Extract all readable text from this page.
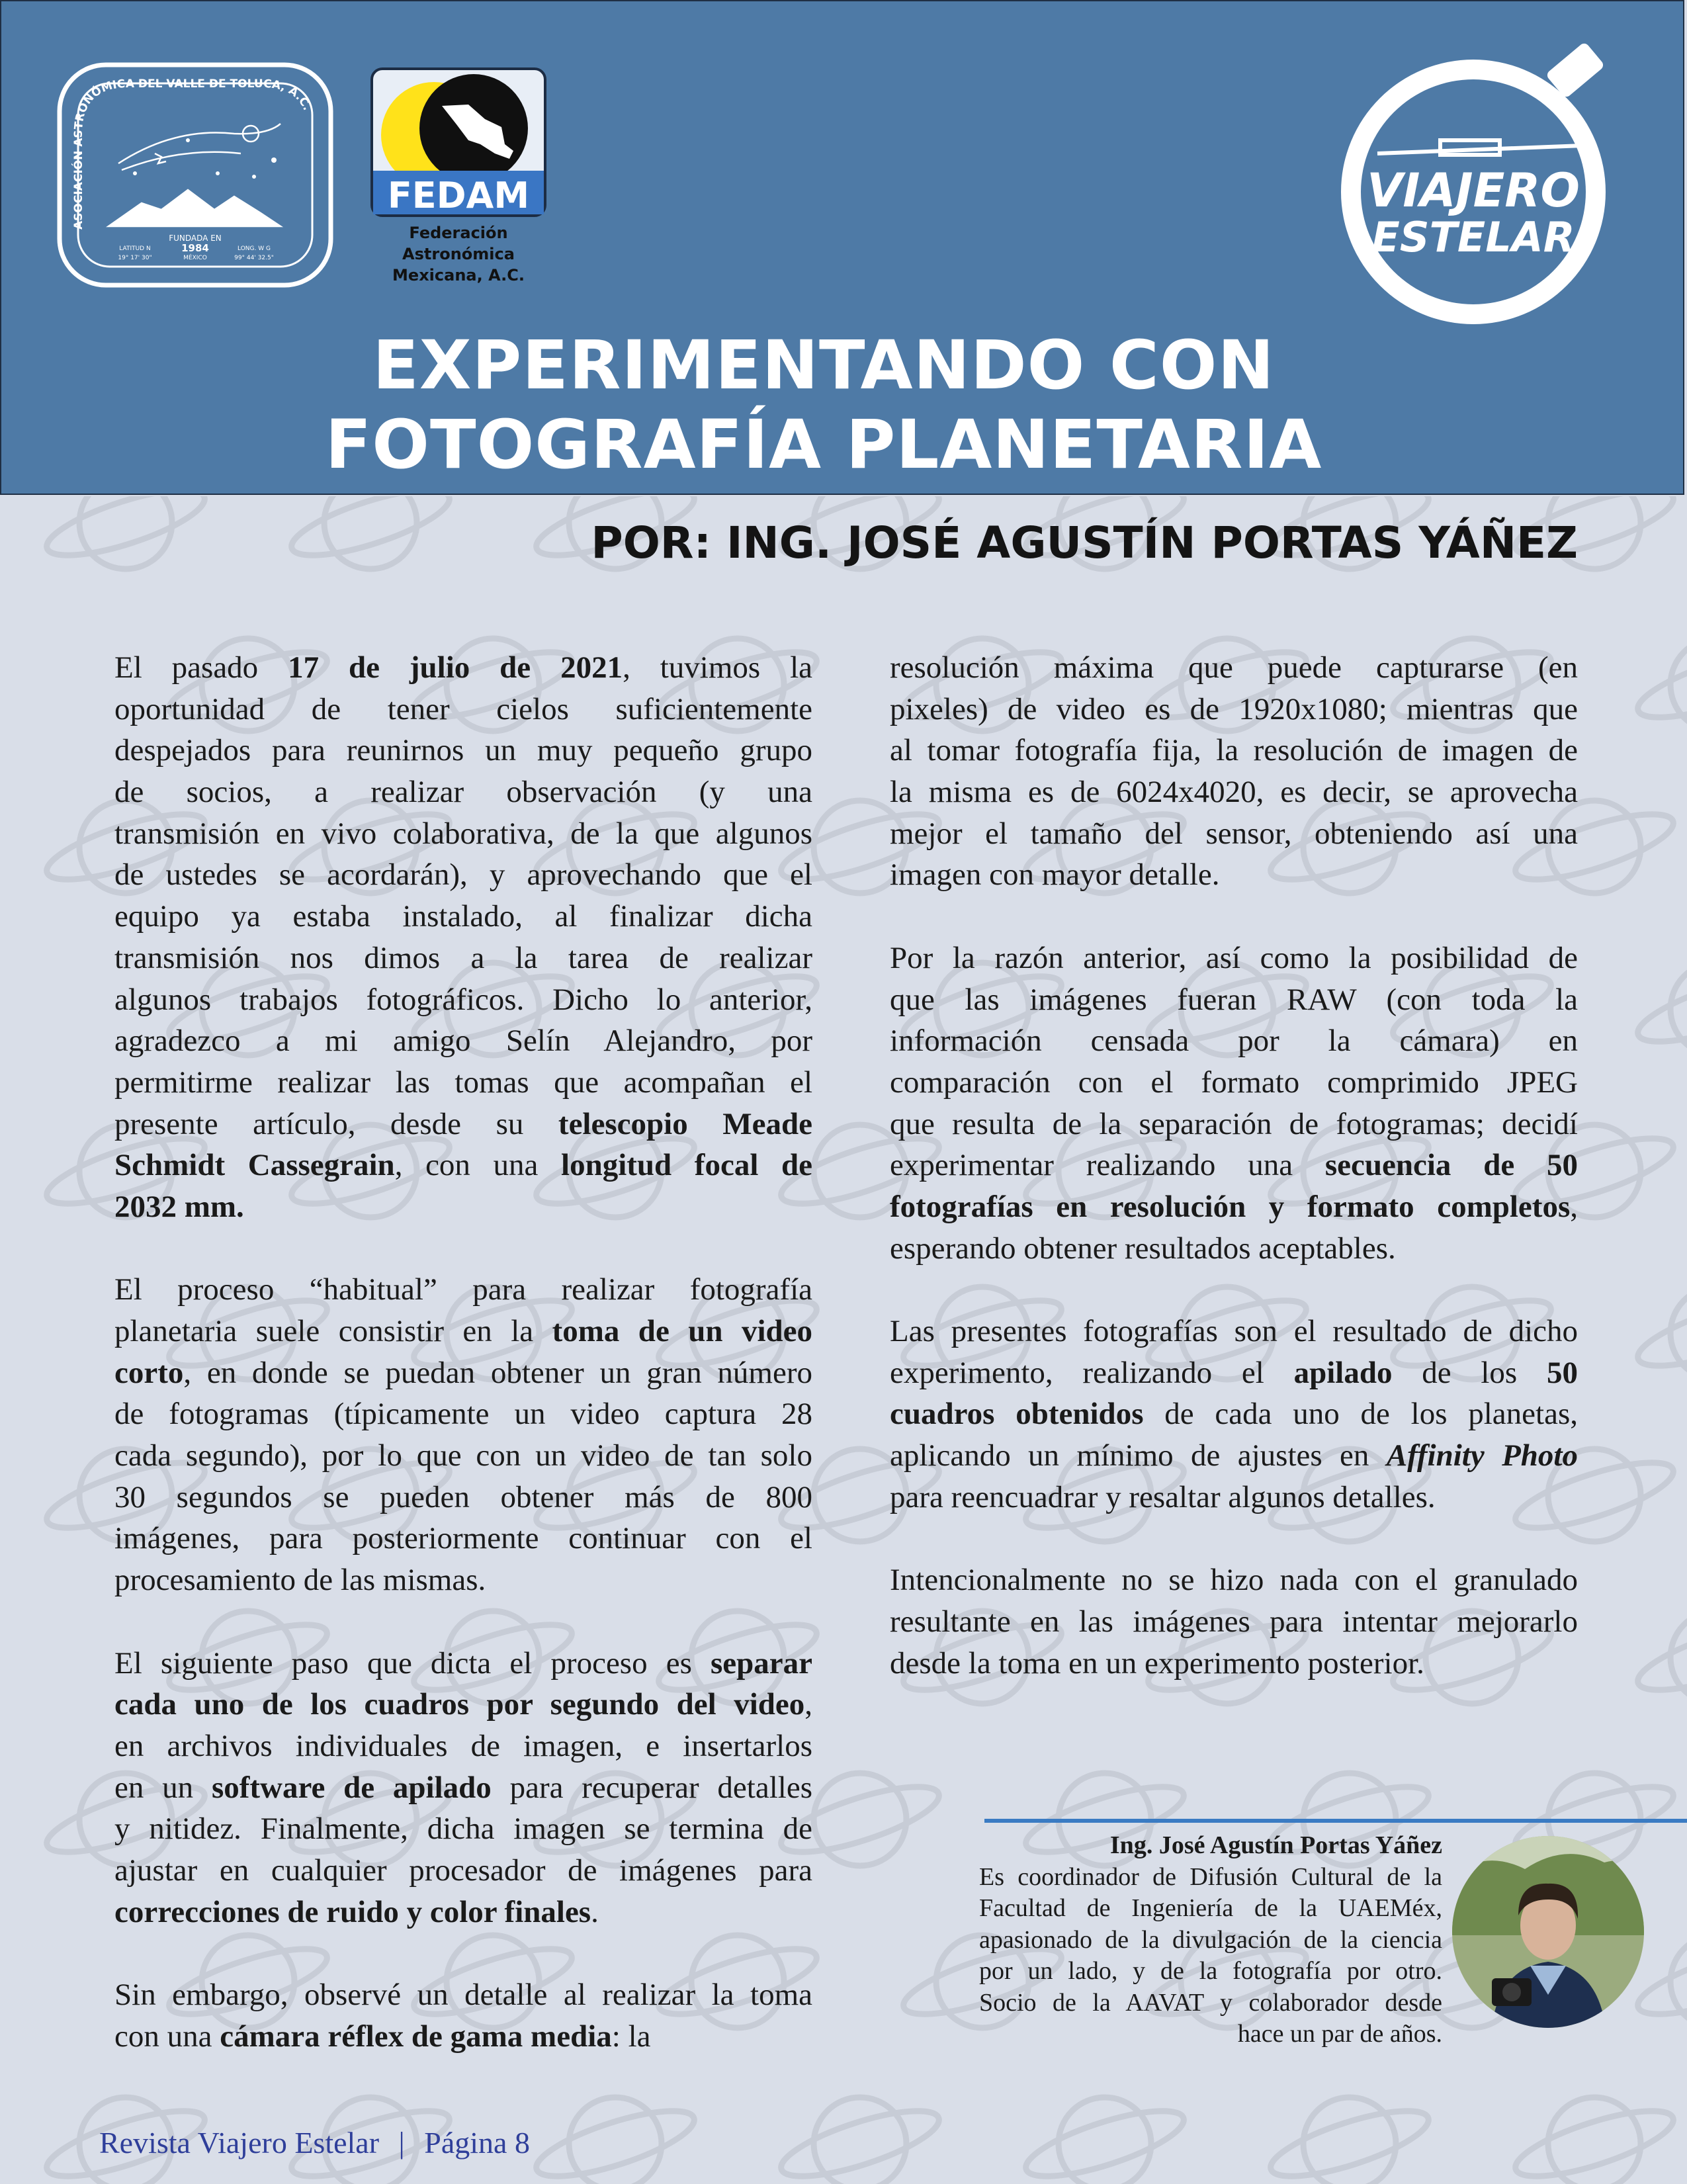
ASOCIACIÓN ASTRONÓMICA DEL VALLE DE TOLUCA, A.C.
FUNDADA EN
1984
MÉXICO
LATITUD N
19° 17' 30"
LONG. W G
99° 44' 32.5"
FEDAM
Federación
Astronómica
Mexicana, A.C.
VIAJERO
ESTELAR
EXPERIMENTANDO CON
FOTOGRAFÍA PLANETARIA
POR: ING. JOSÉ AGUSTÍN PORTAS YÁÑEZ

El pasado 17 de julio de 2021, tuvimos la
oportunidad de tener cielos suficientemente
despejados para reunirnos un muy pequeño grupo
de socios, a realizar observación (y una
transmisión en vivo colaborativa, de la que algunos
de ustedes se acordarán), y aprovechando que el
equipo ya estaba instalado, al finalizar dicha
transmisión nos dimos a la tarea de realizar
algunos trabajos fotográficos. Dicho lo anterior,
agradezco a mi amigo Selín Alejandro, por
permitirme realizar las tomas que acompañan el
presente artículo, desde su telescopio Meade
Schmidt Cassegrain, con una longitud focal de
2032 mm.

El proceso “habitual” para realizar fotografía
planetaria suele consistir en la toma de un video
corto, en donde se puedan obtener un gran número
de fotogramas (típicamente un video captura 28
cada segundo), por lo que con un video de tan solo
30 segundos se pueden obtener más de 800
imágenes, para posteriormente continuar con el
procesamiento de las mismas.

El siguiente paso que dicta el proceso es separar
cada uno de los cuadros por segundo del video,
en archivos individuales de imagen, e insertarlos
en un software de apilado para recuperar detalles
y nitidez. Finalmente, dicha imagen se termina de
ajustar en cualquier procesador de imágenes para
correcciones de ruido y color finales.

Sin embargo, observé un detalle al realizar la toma
con una cámara réflex de gama media: la

resolución máxima que puede capturarse (en
pixeles) de video es de 1920x1080; mientras que
al tomar fotografía fija, la resolución de imagen de
la misma es de 6024x4020, es decir, se aprovecha
mejor el tamaño del sensor, obteniendo así una
imagen con mayor detalle.

Por la razón anterior, así como la posibilidad de
que las imágenes fueran RAW (con toda la
información censada por la cámara) en
comparación con el formato comprimido JPEG
que resulta de la separación de fotogramas; decidí
experimentar realizando una secuencia de 50
fotografías en resolución y formato completos,
esperando obtener resultados aceptables.

Las presentes fotografías son el resultado de dicho
experimento, realizando el apilado de los 50
cuadros obtenidos de cada uno de los planetas,
aplicando un mínimo de ajustes en Affinity Photo
para reencuadrar y resaltar algunos detalles.

Intencionalmente no se hizo nada con el granulado
resultante en las imágenes para intentar mejorarlo
desde la toma en un experimento posterior.

Ing. José Agustín Portas Yáñez
Es coordinador de Difusión Cultural de la
Facultad de Ingeniería de la UAEMéx,
apasionado de la divulgación de la ciencia
por un lado, y de la fotografía por otro.
Socio de la AAVAT y colaborador desde
hace un par de años.
Revista Viajero Estelar | Página 8
